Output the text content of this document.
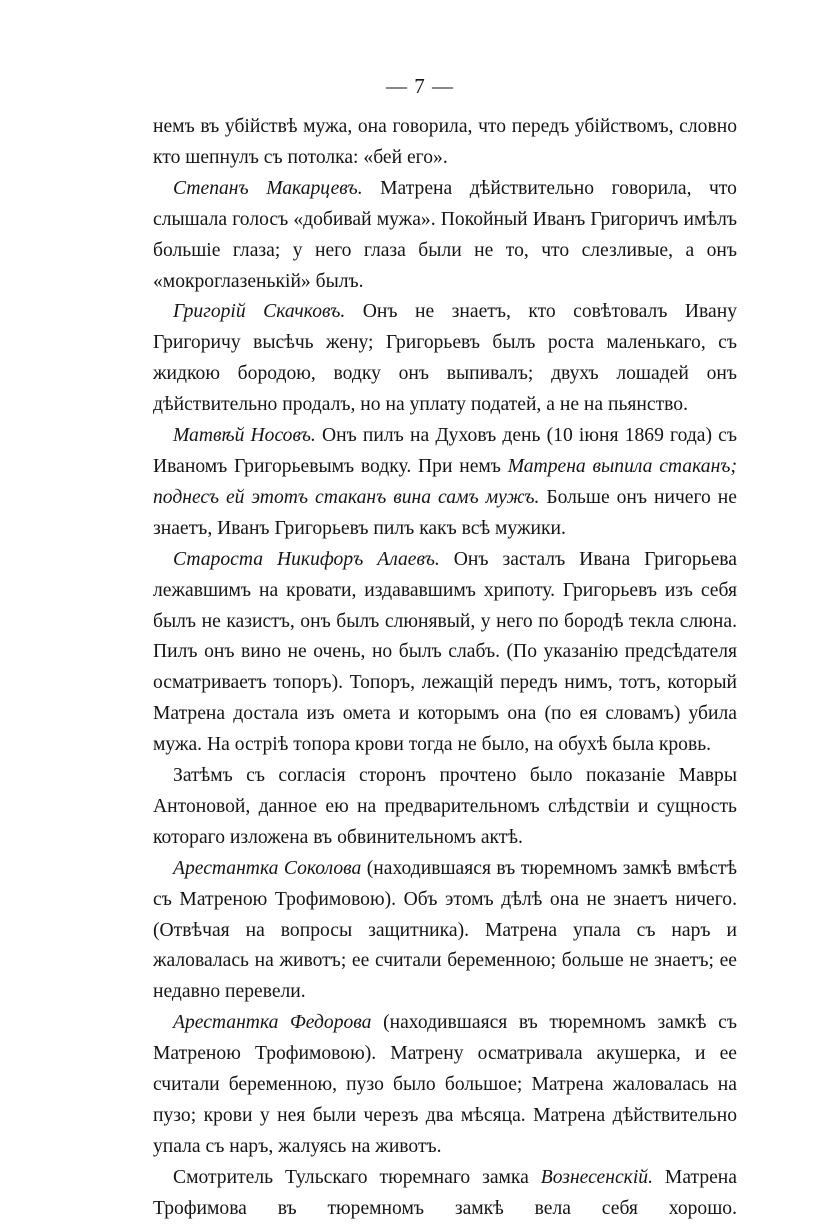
— 7 —

немъ въ убійствѣ мужа, она говорила, что передъ убійствомъ, словно кто шепнулъ съ потолка: «бей его».

Степанъ Макарцевъ. Матрена дѣйствительно говорила, что слышала голосъ «добивай мужа». Покойный Иванъ Григоричъ имѣлъ большіе глаза; у него глаза были не то, что слезливые, а онъ «мокроглазенькій» былъ.

Григорій Скачковъ. Онъ не знаетъ, кто совѣтовалъ Ивану Григоричу высѣчь жену; Григорьевъ былъ роста маленькаго, съ жидкою бородою, водку онъ выпивалъ; двухъ лошадей онъ дѣйствительно продалъ, но на уплату податей, а не на пьянство.

Матвѣй Носовъ. Онъ пилъ на Духовъ день (10 іюня 1869 года) съ Иваномъ Григорьевымъ водку. При немъ Матрена выпила стаканъ; поднесъ ей этотъ стаканъ вина самъ мужъ. Больше онъ ничего не знаетъ, Иванъ Григорьевъ пилъ какъ всѣ мужики.

Староста Никифоръ Алаевъ. Онъ засталъ Ивана Григорьева лежавшимъ на кровати, издававшимъ хрипоту. Григорьевъ изъ себя былъ не казистъ, онъ былъ слюнявый, у него по бородѣ текла слюна. Пилъ онъ вино не очень, но былъ слабъ. (По указанію предсѣдателя осматриваетъ топоръ). Топоръ, лежащій передъ нимъ, тотъ, который Матрена достала изъ омета и которымъ она (по ея словамъ) убила мужа. На остріѣ топора крови тогда не было, на обухѣ была кровь.

Затѣмъ съ согласія сторонъ прочтено было показаніе Мавры Антоновой, данное ею на предварительномъ слѣдствіи и сущность котораго изложена въ обвинительномъ актѣ.

Арестантка Соколова (находившаяся въ тюремномъ замкѣ вмѣстѣ съ Матреною Трофимовою). Объ этомъ дѣлѣ она не знаетъ ничего. (Отвѣчая на вопросы защитника). Матрена упала съ наръ и жаловалась на животъ; ее считали беременною; больше не знаетъ; ее недавно перевели.

Арестантка Федорова (находившаяся въ тюремномъ замкѣ съ Матреною Трофимовою). Матрену осматривала акушерка, и ее считали беременною, пузо было большое; Матрена жаловалась на пузо; крови у нея были черезъ два мѣсяца. Матрена дѣйствительно упала съ наръ, жалуясь на животъ.

Смотритель Тульскаго тюремнаго замка Вознесенскій. Матрена Трофимова въ тюремномъ замкѣ вела себя хорошо.
